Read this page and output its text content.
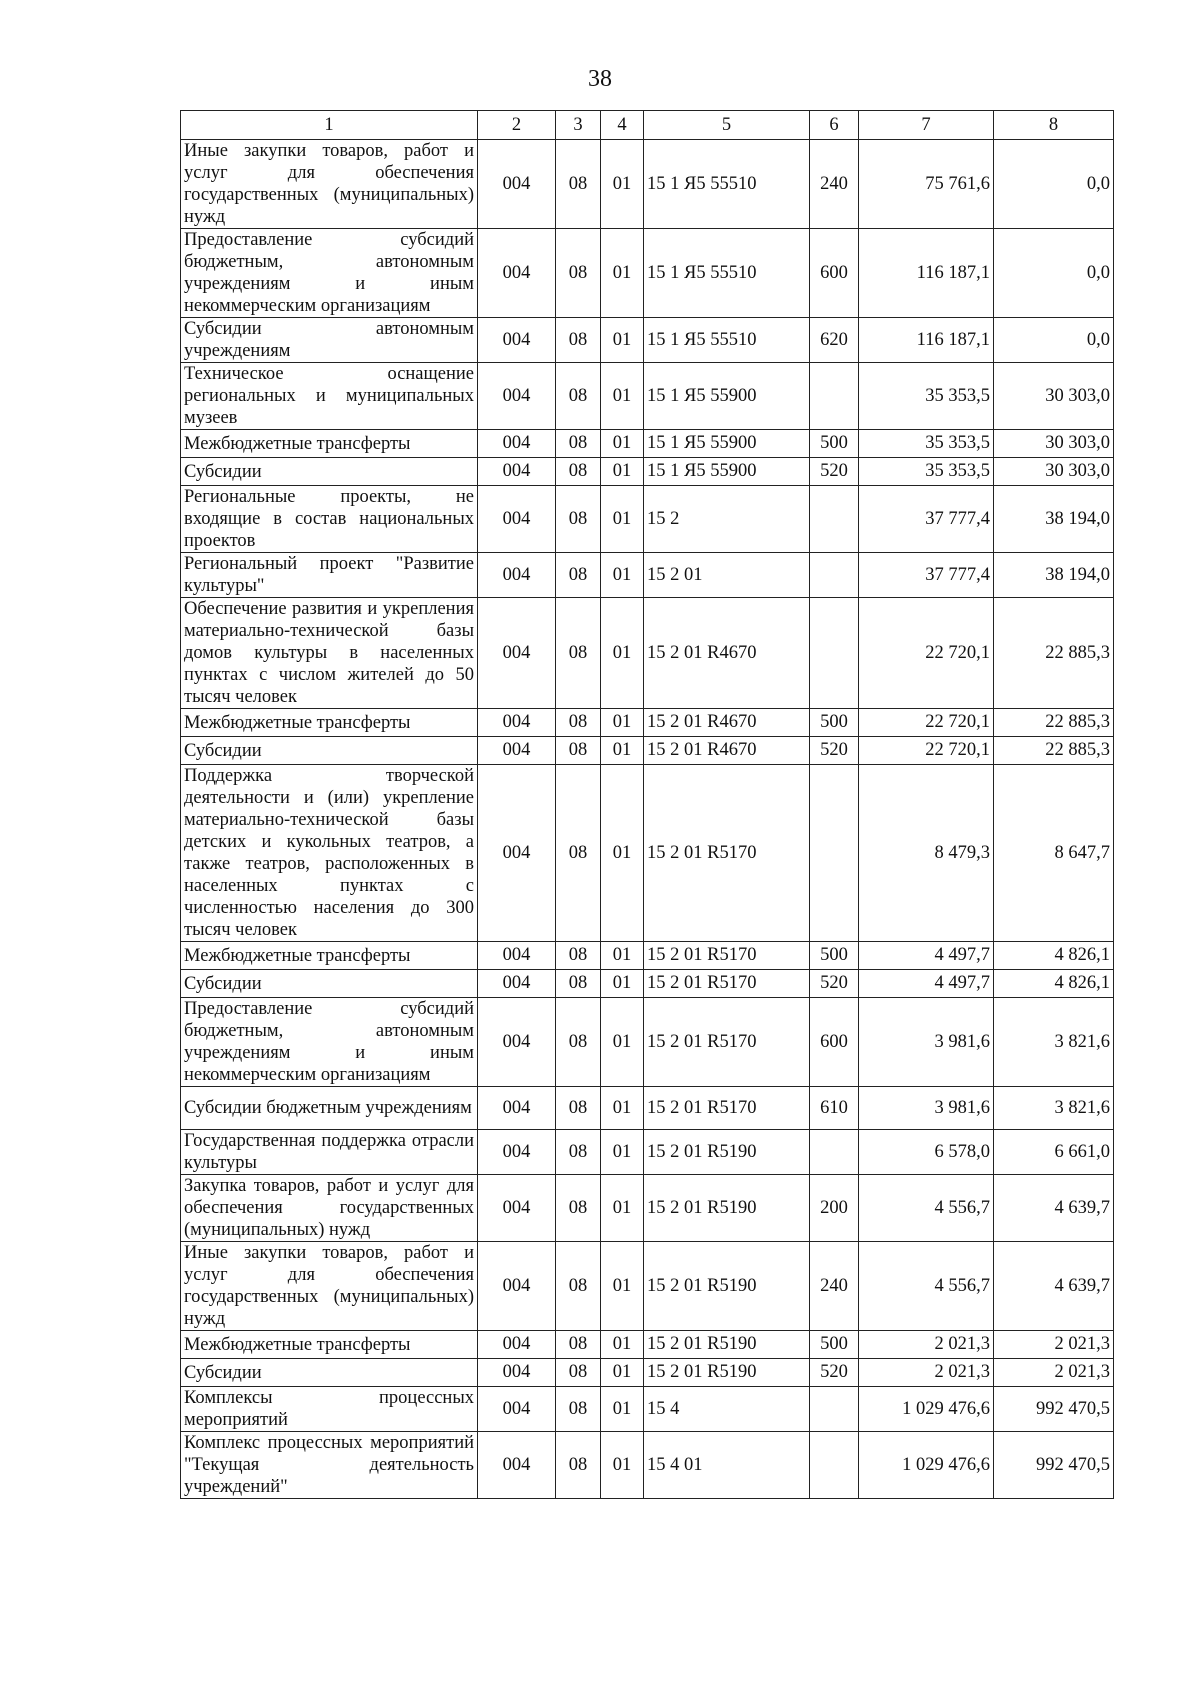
38
1	2	3	4	5	6	7	8
Иные закупки товаров, работ и услуг для обеспечения государственных (муниципальных) нужд	004	08	01	15 1 Я5 55510	240	75 761,6	0,0
Предоставление субсидий бюджетным, автономным учреждениям и иным некоммерческим организациям	004	08	01	15 1 Я5 55510	600	116 187,1	0,0
Субсидии автономным учреждениям	004	08	01	15 1 Я5 55510	620	116 187,1	0,0
Техническое оснащение региональных и муниципальных музеев	004	08	01	15 1 Я5 55900		35 353,5	30 303,0
Межбюджетные трансферты	004	08	01	15 1 Я5 55900	500	35 353,5	30 303,0
Субсидии	004	08	01	15 1 Я5 55900	520	35 353,5	30 303,0
Региональные проекты, не входящие в состав национальных проектов	004	08	01	15 2		37 777,4	38 194,0
Региональный проект "Развитие культуры"	004	08	01	15 2 01		37 777,4	38 194,0
Обеспечение развития и укрепления материально-технической базы домов культуры в населенных пунктах с числом жителей до 50 тысяч человек	004	08	01	15 2 01 R4670		22 720,1	22 885,3
Межбюджетные трансферты	004	08	01	15 2 01 R4670	500	22 720,1	22 885,3
Субсидии	004	08	01	15 2 01 R4670	520	22 720,1	22 885,3
Поддержка творческой деятельности и (или) укрепление материально-технической базы детских и кукольных театров, а также театров, расположенных в населенных пунктах с численностью населения до 300 тысяч человек	004	08	01	15 2 01 R5170		8 479,3	8 647,7
Межбюджетные трансферты	004	08	01	15 2 01 R5170	500	4 497,7	4 826,1
Субсидии	004	08	01	15 2 01 R5170	520	4 497,7	4 826,1
Предоставление субсидий бюджетным, автономным учреждениям и иным некоммерческим организациям	004	08	01	15 2 01 R5170	600	3 981,6	3 821,6
Субсидии бюджетным учреждениям	004	08	01	15 2 01 R5170	610	3 981,6	3 821,6
Государственная поддержка отрасли культуры	004	08	01	15 2 01 R5190		6 578,0	6 661,0
Закупка товаров, работ и услуг для обеспечения государственных (муниципальных) нужд	004	08	01	15 2 01 R5190	200	4 556,7	4 639,7
Иные закупки товаров, работ и услуг для обеспечения государственных (муниципальных) нужд	004	08	01	15 2 01 R5190	240	4 556,7	4 639,7
Межбюджетные трансферты	004	08	01	15 2 01 R5190	500	2 021,3	2 021,3
Субсидии	004	08	01	15 2 01 R5190	520	2 021,3	2 021,3
Комплексы процессных мероприятий	004	08	01	15 4		1 029 476,6	992 470,5
Комплекс процессных мероприятий "Текущая деятельность учреждений"	004	08	01	15 4 01		1 029 476,6	992 470,5
